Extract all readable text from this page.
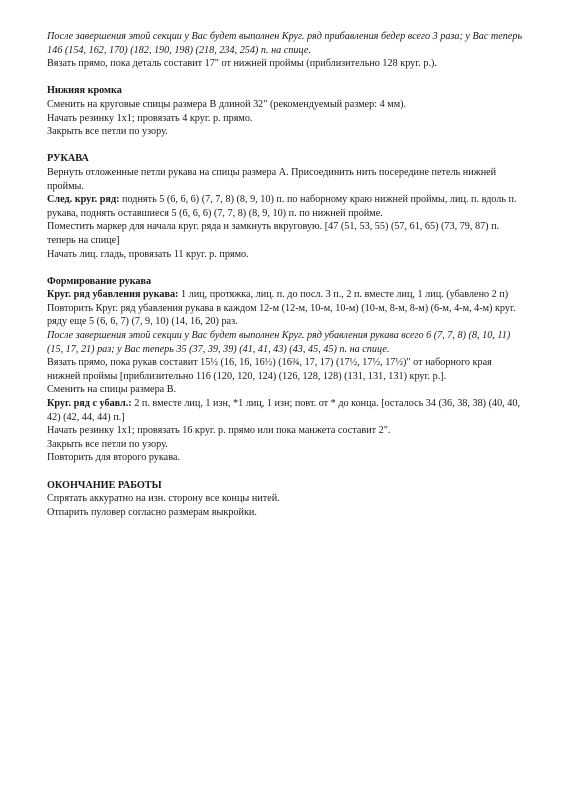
После завершения этой секции у Вас будет выполнен Круг. ряд прибавления бедер всего 3 раза; у Вас теперь 146 (154, 162, 170) (182, 190, 198) (218, 234, 254) п. на спице.

Вязать прямо, пока деталь составит 17" от нижней проймы (приблизительно 128 круг. р.).

Нижняя кромка

Сменить на круговые спицы размера В длиной 32" (рекомендуемый размер: 4 мм).

Начать резинку 1x1; провязать 4 круг. р. прямо.

Закрыть все петли по узору.

РУКАВА

Вернуть отложенные петли рукава на спицы размера А. Присоединить нить посередине петель нижней проймы.

След. круг. ряд: поднять 5 (6, 6, 6) (7, 7, 8) (8, 9, 10) п. по наборному краю нижней проймы, лиц. п. вдоль п. рукава, поднять оставшиеся 5 (6, 6, 6) (7, 7, 8) (8, 9, 10) п. по нижней пройме.

Поместить маркер для начала круг. ряда и замкнуть вкруговую. [47 (51, 53, 55) (57, 61, 65) (73, 79, 87) п. теперь на спице]

Начать лиц. гладь, провязать 11 круг. р. прямо.

Формирование рукава

Круг. ряд убавления рукава: 1 лиц, протяжка, лиц. п. до посл. 3 п., 2 п. вместе лиц, 1 лиц. (убавлено 2 п)

Повторить Круг. ряд убавления рукава в каждом 12-м (12-м, 10-м, 10-м) (10-м, 8-м, 8-м) (6-м, 4-м, 4-м) круг. ряду еще 5 (6, 6, 7) (7, 9, 10) (14, 16, 20) раз.

После завершения этой секции у Вас будет выполнен Круг. ряд убавления рукава всего 6 (7, 7, 8) (8, 10, 11) (15, 17, 21) раз; у Вас теперь 35 (37, 39, 39) (41, 41, 43) (43, 45, 45) п. на спице.

Вязать прямо, пока рукав составит 15½ (16, 16, 16½) (16¾, 17, 17) (17½, 17½, 17½)" от наборного края нижней проймы [приблизительно 116 (120, 120, 124) (126, 128, 128) (131, 131, 131) круг. р.].

Сменить на спицы размера В.

Круг. ряд с убавл.: 2 п. вместе лиц, 1 изн, *1 лиц, 1 изн; повт. от * до конца. [осталось 34 (36, 38, 38) (40, 40, 42) (42, 44, 44) п.]

Начать резинку 1x1; провязать 16 круг. р. прямо или пока манжета составит 2".

Закрыть все петли по узору.

Повторить для второго рукава.

ОКОНЧАНИЕ РАБОТЫ

Спрятать аккуратно на изн. сторону все концы нитей.

Отпарить пуловер согласно размерам выкройки.
